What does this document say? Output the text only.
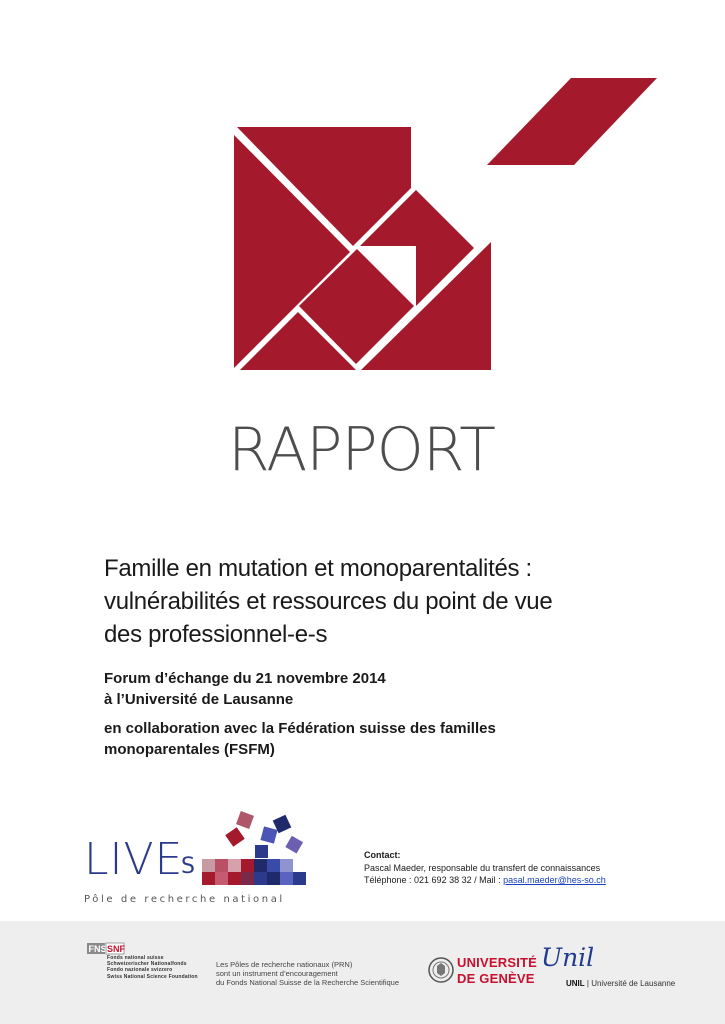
RAPPORT
Famille en mutation et monoparentalités :
vulnérabilités et ressources du point de vue
des professionnel-e-s
Forum d’échange du 21 novembre 2014
à l’Université de Lausanne
en collaboration avec la Fédération suisse des familles
monoparentales (FSFM)
LIVE
S
Pôle de recherche national
Contact:
Pascal Maeder, responsable du transfert de connaissances
Téléphone : 021 692 38 32 / Mail : pasal.maeder@hes-so.ch
FNS SNF
Fonds national suisse
Schweizerischer Nationalfonds
Fondo nazionale svizzero
Swiss National Science Foundation
Les Pôles de recherche nationaux (PRN)
sont un instrument d’encouragement
du Fonds National Suisse de la Recherche Scientifique
UNIVERSITÉ
DE GENÈVE
Unil
UNIL | Université de Lausanne
